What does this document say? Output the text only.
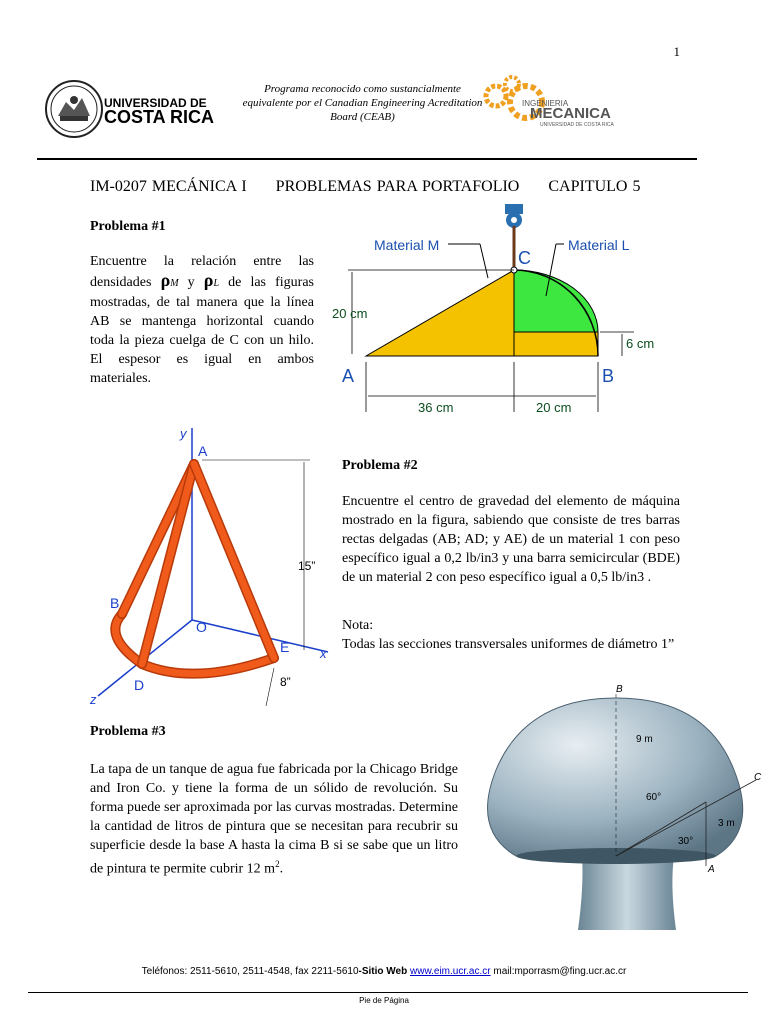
1
UNIVERSIDAD DE
COSTA RICA
Programa reconocido como sustancialmente equivalente por el Canadian Engineering Acreditation Board (CEAB)
INGENIERIA
MECANICA
UNIVERSIDAD DE COSTA RICA
IM-0207 MECÁNICA I PROBLEMAS PARA PORTAFOLIO CAPITULO 5
Problema #1
Encuentre la relación entre las densidades ρM y ρL de las figuras mostradas, de tal manera que la línea AB se mantenga horizontal cuando toda la pieza cuelga de C con un hilo. El espesor es igual en ambos materiales.
Material M	Material L
C
A	B
20 cm
6 cm
36 cm	20 cm
y
x
z
15”
8”
A
B
O
E
D
Problema #2
Encuentre el centro de gravedad del elemento de máquina mostrado en la figura, sabiendo que consiste de tres barras rectas delgadas (AB; AD; y AE) de un material 1 con peso específico igual a 0,2 lb/in3 y una barra semicircular (BDE) de un material 2 con peso específico igual a 0,5 lb/in3 .
Nota:
Todas las secciones transversales uniformes de diámetro 1”
Problema #3
La tapa de un tanque de agua fue fabricada por la Chicago Bridge and Iron Co. y tiene la forma de un sólido de revolución. Su forma puede ser aproximada por las curvas mostradas. Determine la cantidad de litros de pintura que se necesitan para recubrir su superficie desde la base A hasta la cima B si se sabe que un litro de pintura te permite cubrir 12 $m^2$.
B
C
A
9 m
3 m
60°
30°
Teléfonos: 2511-5610, 2511-4548, fax 2211-5610-Sitio Web www.eim.ucr.ac.cr mail:mporrasm@fing.ucr.ac.cr
Pie de Página
